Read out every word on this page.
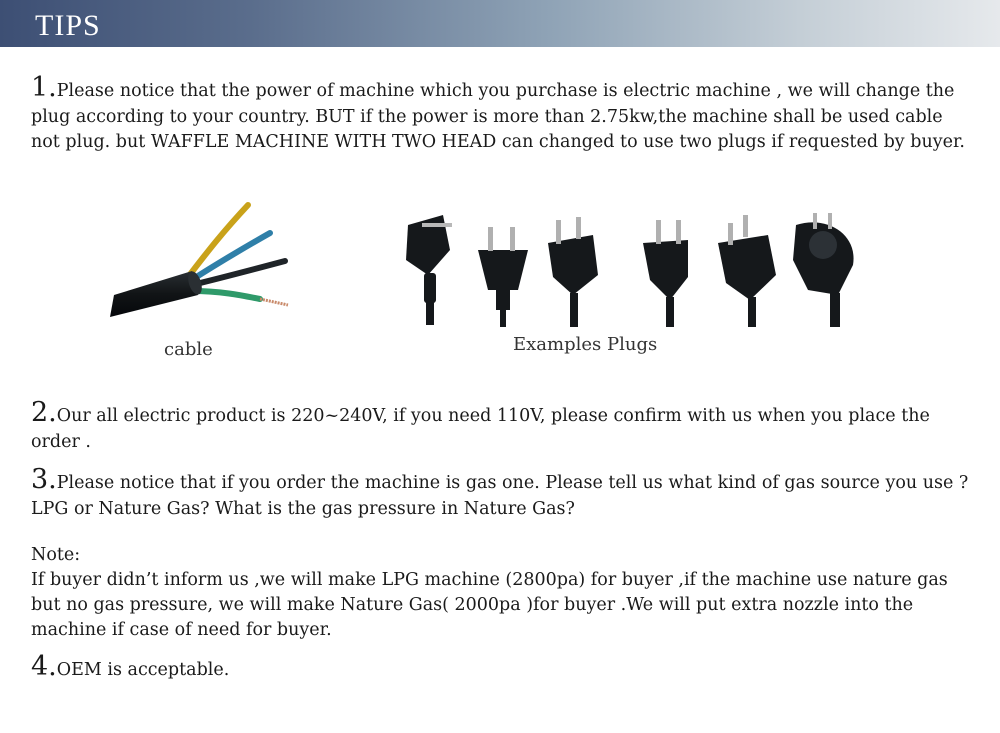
TIPS
1.Please notice that the power of machine which you purchase is electric machine , we will change the plug according to your country. BUT if the power is more than 2.75kw,the machine shall be used cable not plug. but WAFFLE MACHINE WITH TWO HEAD can changed to use two plugs if requested by buyer.
cable	Examples Plugs
2.Our all electric product is 220~240V, if you need 110V, please confirm with us when you place the order .
3.Please notice that if you order the machine is gas one. Please tell us what kind of gas source you use ?LPG or Nature Gas? What is the gas pressure in Nature Gas?
Note:
If buyer didn’t inform us ,we will make LPG machine (2800pa) for buyer ,if the machine use nature gas but no gas pressure, we will make Nature Gas( 2000pa )for buyer .We will put extra nozzle into the machine if case of need for buyer.
4.OEM is acceptable.
